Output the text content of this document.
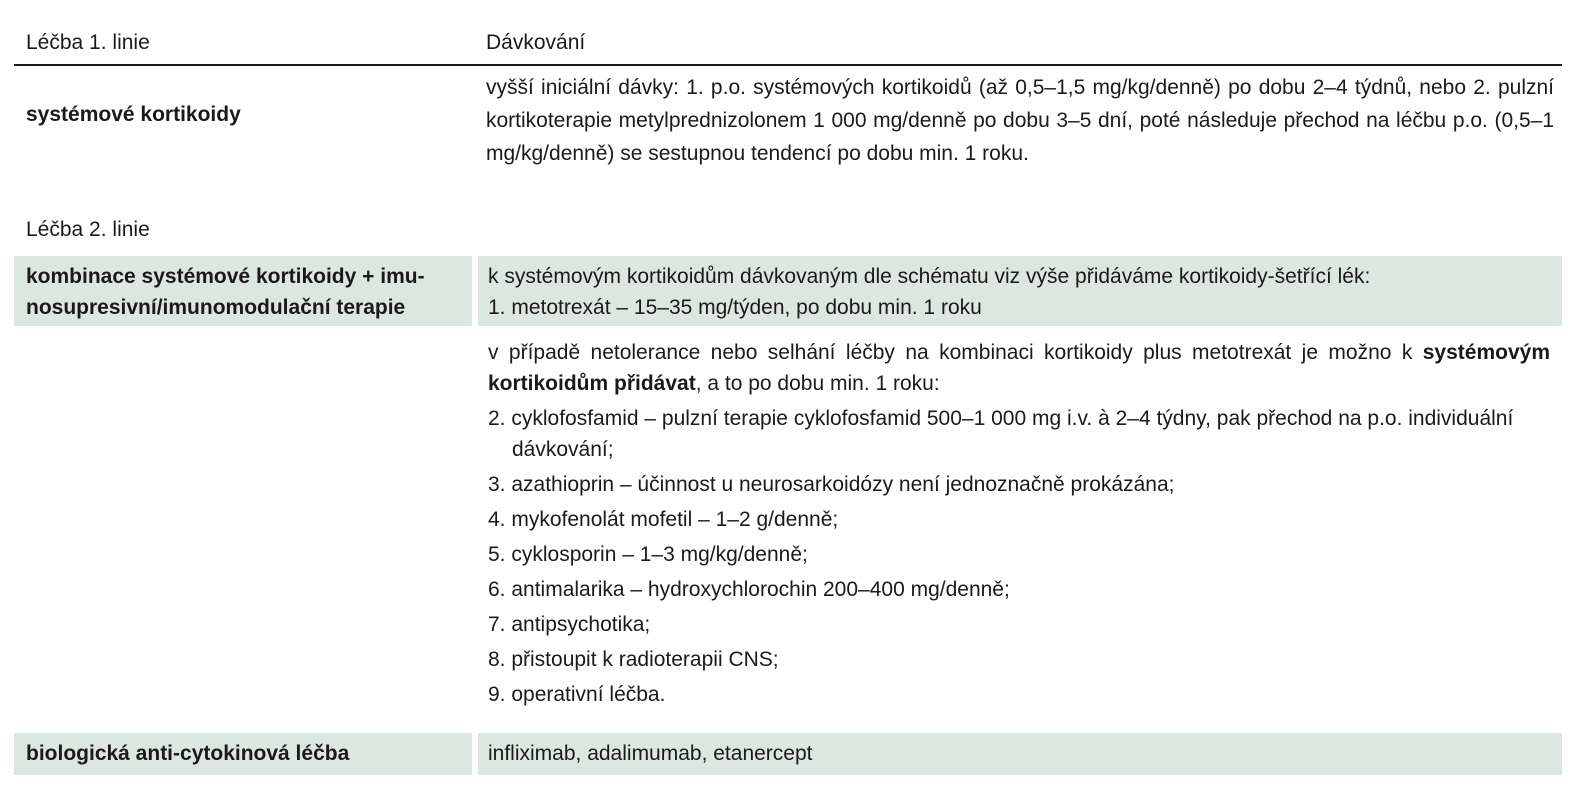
Léčba 1. linie	Dávkování
systémové kortikoidy
vyšší iniciální dávky: 1. p.o. systémových kortikoidů (až 0,5–1,5 mg/kg/denně) po dobu 2–4 týdnů, nebo 2. pulzní kortikoterapie metylprednizolonem 1 000 mg/denně po dobu 3–5 dní, poté následuje přechod na léčbu p.o. (0,5–1 mg/kg/denně) se sestupnou tendencí po dobu min. 1 roku.
Léčba 2. linie
kombinace systémové kortikoidy + imu-
nosupresivní/imunomodulační terapie
k systémovým kortikoidům dávkovaným dle schématu viz výše přidáváme kortikoidy-šetřící lék:
1. metotrexát – 15–35 mg/týden, po dobu min. 1 roku

v případě netolerance nebo selhání léčby na kombinaci kortikoidy plus metotrexát je možno k systémovým kortikoidům přidávat, a to po dobu min. 1 roku:

2. cyklofosfamid – pulzní terapie cyklofosfamid 500–1 000 mg i.v. à 2–4 týdny, pak přechod na p.o. individuální dávkování;
3. azathioprin – účinnost u neurosarkoidózy není jednoznačně prokázána;
4. mykofenolát mofetil – 1–2 g/denně;
5. cyklosporin – 1–3 mg/kg/denně;
6. antimalarika – hydroxychlorochin 200–400 mg/denně;
7. antipsychotika;
8. přistoupit k radioterapii CNS;
9. operativní léčba.
biologická anti-cytokinová léčba	infliximab, adalimumab, etanercept
